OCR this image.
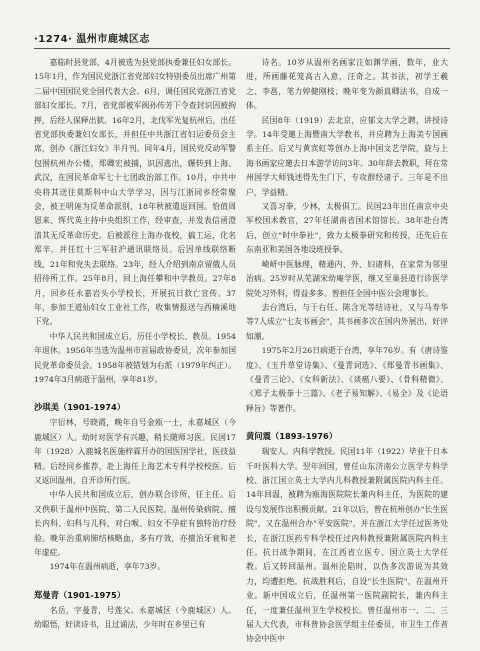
·1274· 温州市鹿城区志

嘉临时县党部，4月被选为县党部执委兼任妇女部长。15年1月，作为国民党浙江省党部妇女特别委员出席广州第二届中国国民党全国代表大会。6月，调任国民党浙江省党部妇女部长。7月，省党部被军阀孙传芳下令查封识因被拘押，后经人保释出狱。16年2月，北伐军光复杭州后，出任省党部执委兼妇女部长，并担任中共浙江省妇运委员会主席，创办《浙江妇女》半月刊。同年4月，国民党反动军警包围杭州办公楼，郑卿宏被捕，识因逃出，辗转到上海、武汉，在国民革命军七十七团政治部工作。10月，中共中央将其送往莫斯科中山大学学习，因与江浙同乡经常聚会，被王明诬为反革命派别，18年秋被遣返回国。恰值周恩来、恽代英主持中央组织工作，经审查，并发表信函澄清其无反革命历史。后被派往上海办夜校，搞工运，化名郑辛。并任红十三军驻沪通讯联络员。后因单线联络断线，21年和党失去联络。23年，经人介绍到南京留俄人员招待所工作。25年8月，回上海任攀和中学教员。27年8月，回乡任永嘉岩头小学校长，开展抗日救亡宣传。37年，参加王道仙妇女工业社工作，收集情报送与西楠溪地下党。

中华人民共和国成立后，历任小学校长、教员。1954年退休。1956年当选为温州市首届政协委员，次年参加国民党革命委员会。1958年被错划为右派（1979年纠正）。1974年3月病逝于温州，享年81岁。

沙琪美（1901-1974）

字衍林，号晓霞，晚年自号金瓯一士，永嘉城区（今鹿城区）人。幼时对医学有兴趣，稍长随师习医。民国17年（1928）入鹿城名医施梓霖开办的国医国学社，医技益精。后经同乡推荐，赴上海任上海艺术专科学校校医。后又返回温州，自开诊所行医。

中华人民共和国成立后，创办联合诊所，任主任。后又供职于温州中医院、第二人民医院。温州传染病院、擅长内科、妇科与儿科，对白喉、妇女不孕症有独特治疗经验。晚年治重病肺结核略血，多有疗效，亦擅治牙衰和老年虚症。

1974年在温州病逝，享年73岁。

郑曼青（1901-1975）

名岳，字曼青，号莲父。永嘉城区（今鹿城区）人。幼聪悟，好读诗书，且过诵法，少年时在乡里已有

诗名。10岁从温州名画家汪如渊学画，数年，业大进，所画藤花笼高古入意，汪奇之。其书法，初学王羲之、李邕，笔力婷健刚枝；晚年变为颜真卿法书，自成一体。

民国8年（1919）去北京，应郁文大学之聘，讲授诗学。14年受邀上海暨南大学教书，并应聘为上海美专国画系主任。后又与黄宾虹等创办上海中国文艺学院，旋与上海书画家应邀去日本游学访问3年。30年辞去教职，拜在常州国学大师钱述得先生门下，专攻群经诸子。三年是不出户，学益精。

又喜习拳，少林，太极俱工。民国23年出任南京中央军校国术教官，27年任湖南省国术馆馆长。38年赴台湾后，创立"时中拳社"，致力太极拳研究和传授，还先后在东南亚和美国各地设班授拳。

崎岍中医脉理，精通内、外、妇诸科，在家常为邻里治病。25岁时从芜湖宋幼庵学医，继又至巢县道行诊医学院处习外科，得益多多。曾担任全国中医公会理事长。

去台湾后，与于右任、陈含光等结诗社，又与马寿华等7人成立"七友书画会"，其书画多次在国内外展出，好评如潮。

1975年2月26日病逝于台湾，享年76岁。有《唐诗鉴度》、《玉升草堂诗集》、《曼青词选》、《郑曼青书画集》、《曼青三论》、《女科新法》、《谈癌八要》、《骨科精微》、《郑子太极拳十三篇》、《老子易知解》、《易全》及《论语释旨》等著作。

黄问震（1893-1976）

瑞安人。内科学教授。民国11年（1922）毕业于日本千叶医科大学。翌年回国，曾任山东济南公立医学专科学校、浙江国立英士大学内儿科教授兼附属医院内科主任。14年回温，被聘为瓯海医院院长兼内科主任，为医院的建设与发展作出积极贡献。21年以后，曾在杭州创办"长生医院"，又在温州合办"平安医院"，并在浙江大学任过医务处长，在浙江医药专科学校任过内科教授兼附属医院内科主任。抗日战争期间，在江西省立医专、国立英士大学任教。后又转回温州。温州沦陷时，以伪多次游说为其效力，均遭拒绝。抗战胜利后，自设"长生医院"，在温州开业。新中国成立后，任温州第一医院副院长，兼内科主任，一度兼任温州卫生学校校长。曾任温州市一、二、三届人大代表，市科普协会医学组主任委员，市卫生工作者协会中医中
